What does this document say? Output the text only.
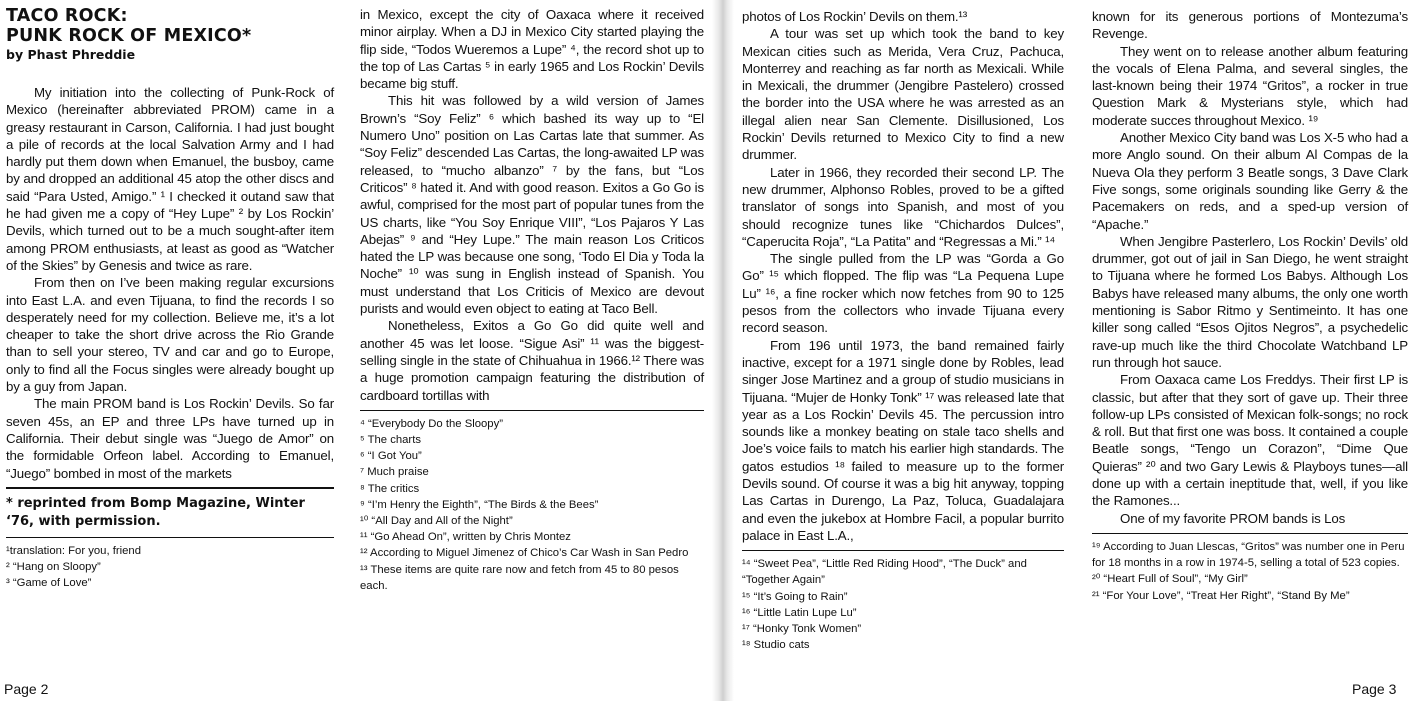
TACO ROCK:
PUNK ROCK OF MEXICO*
by Phast Phreddie

My initiation into the collecting of Punk-Rock of Mexico (hereinafter abbreviated PROM) came in a greasy restaurant in Carson, California. I had just bought a pile of records at the local Salvation Army and I had hardly put them down when Emanuel, the busboy, came by and dropped an additional 45 atop the other discs and said “Para Usted, Amigo.” ¹ I checked it outand saw that he had given me a copy of “Hey Lupe” ² by Los Rockin’ Devils, which turned out to be a much sought-after item among PROM enthusiasts, at least as good as “Watcher of the Skies” by Genesis and twice as rare.

From then on I’ve been making regular excursions into East L.A. and even Tijuana, to find the records I so desperately need for my collection. Believe me, it’s a lot cheaper to take the short drive across the Rio Grande than to sell your stereo, TV and car and go to Europe, only to find all the Focus singles were already bought up by a guy from Japan.

The main PROM band is Los Rockin’ Devils. So far seven 45s, an EP and three LPs have turned up in California. Their debut single was “Juego de Amor” on the formidable Orfeon label. According to Emanuel, “Juego” bombed in most of the markets

* reprinted from Bomp Magazine, Winter ‘76, with permission.

¹translation: For you, friend

² “Hang on Sloopy”

³ “Game of Love”

in Mexico, except the city of Oaxaca where it received minor airplay. When a DJ in Mexico City started playing the flip side, “Todos Wueremos a Lupe” ⁴, the record shot up to the top of Las Cartas ⁵ in early 1965 and Los Rockin’ Devils became big stuff.

This hit was followed by a wild version of James Brown’s “Soy Feliz” ⁶ which bashed its way up to “El Numero Uno” position on Las Cartas late that summer. As “Soy Feliz” descended Las Cartas, the long-awaited LP was released, to “mucho albanzo” ⁷ by the fans, but “Los Criticos” ⁸ hated it. And with good reason. Exitos a Go Go is awful, comprised for the most part of popular tunes from the US charts, like “You Soy Enrique VIII”, “Los Pajaros Y Las Abejas” ⁹ and “Hey Lupe.” The main reason Los Criticos hated the LP was because one song, ‘Todo El Dia y Toda la Noche” ¹⁰ was sung in English instead of Spanish. You must understand that Los Criticis of Mexico are devout purists and would even object to eating at Taco Bell.

Nonetheless, Exitos a Go Go did quite well and another 45 was let loose. “Sigue Asi” ¹¹ was the biggest-selling single in the state of Chihuahua in 1966.¹² There was a huge promotion campaign featuring the distribution of cardboard tortillas with

⁴ “Everybody Do the Sloopy”

⁵ The charts

⁶ “I Got You”

⁷ Much praise

⁸ The critics

⁹ “I’m Henry the Eighth”, “The Birds & the Bees”

¹⁰ “All Day and All of the Night”

¹¹ “Go Ahead On”, written by Chris Montez

¹² According to Miguel Jimenez of Chico’s Car Wash in San Pedro

¹³ These items are quite rare now and fetch from 45 to 80 pesos each.

photos of Los Rockin’ Devils on them.¹³

A tour was set up which took the band to key Mexican cities such as Merida, Vera Cruz, Pachuca, Monterrey and reaching as far north as Mexicali. While in Mexicali, the drummer (Jengibre Pastelero) crossed the border into the USA where he was arrested as an illegal alien near San Clemente. Disillusioned, Los Rockin’ Devils returned to Mexico City to find a new drummer.

Later in 1966, they recorded their second LP. The new drummer, Alphonso Robles, proved to be a gifted translator of songs into Spanish, and most of you should recognize tunes like “Chichardos Dulces”, “Caperucita Roja”, “La Patita” and “Regressas a Mi.” ¹⁴

The single pulled from the LP was “Gorda a Go Go” ¹⁵ which flopped. The flip was “La Pequena Lupe Lu” ¹⁶, a fine rocker which now fetches from 90 to 125 pesos from the collectors who invade Tijuana every record season.

From 196 until 1973, the band remained fairly inactive, except for a 1971 single done by Robles, lead singer Jose Martinez and a group of studio musicians in Tijuana. “Mujer de Honky Tonk” ¹⁷ was released late that year as a Los Rockin’ Devils 45. The percussion intro sounds like a monkey beating on stale taco shells and Joe’s voice fails to match his earlier high standards. The gatos estudios ¹⁸ failed to measure up to the former Devils sound. Of course it was a big hit anyway, topping Las Cartas in Durengo, La Paz, Toluca, Guadalajara and even the jukebox at Hombre Facil, a popular burrito palace in East L.A.,

¹⁴ “Sweet Pea”, “Little Red Riding Hood”, “The Duck” and “Together Again”

¹⁵ “It’s Going to Rain”

¹⁶ “Little Latin Lupe Lu”

¹⁷ “Honky Tonk Women”

¹⁸ Studio cats

known for its generous portions of Montezuma’s Revenge.

They went on to release another album featuring the vocals of Elena Palma, and several singles, the last-known being their 1974 “Gritos”, a rocker in true Question Mark & Mysterians style, which had moderate succes throughout Mexico. ¹⁹

Another Mexico City band was Los X-5 who had a more Anglo sound. On their album Al Compas de la Nueva Ola they perform 3 Beatle songs, 3 Dave Clark Five songs, some originals sounding like Gerry & the Pacemakers on reds, and a sped-up version of “Apache.”

When Jengibre Pasterlero, Los Rockin’ Devils’ old drummer, got out of jail in San Diego, he went straight to Tijuana where he formed Los Babys. Although Los Babys have released many albums, the only one worth mentioning is Sabor Ritmo y Sentimeinto. It has one killer song called “Esos Ojitos Negros”, a psychedelic rave-up much like the third Chocolate Watchband LP run through hot sauce.

From Oaxaca came Los Freddys. Their first LP is classic, but after that they sort of gave up. Their three follow-up LPs consisted of Mexican folk-songs; no rock & roll. But that first one was boss. It contained a couple Beatle songs, “Tengo un Corazon”, “Dime Que Quieras” ²⁰ and two Gary Lewis & Playboys tunes—all done up with a certain ineptitude that, well, if you like the Ramones...

One of my favorite PROM bands is Los

¹⁹ According to Juan Llescas, “Gritos” was number one in Peru for 18 months in a row in 1974-5, selling a total of 523 copies.

²⁰ “Heart Full of Soul”, “My Girl”

²¹ “For Your Love”, “Treat Her Right”, “Stand By Me”

Page 2	Page 3
